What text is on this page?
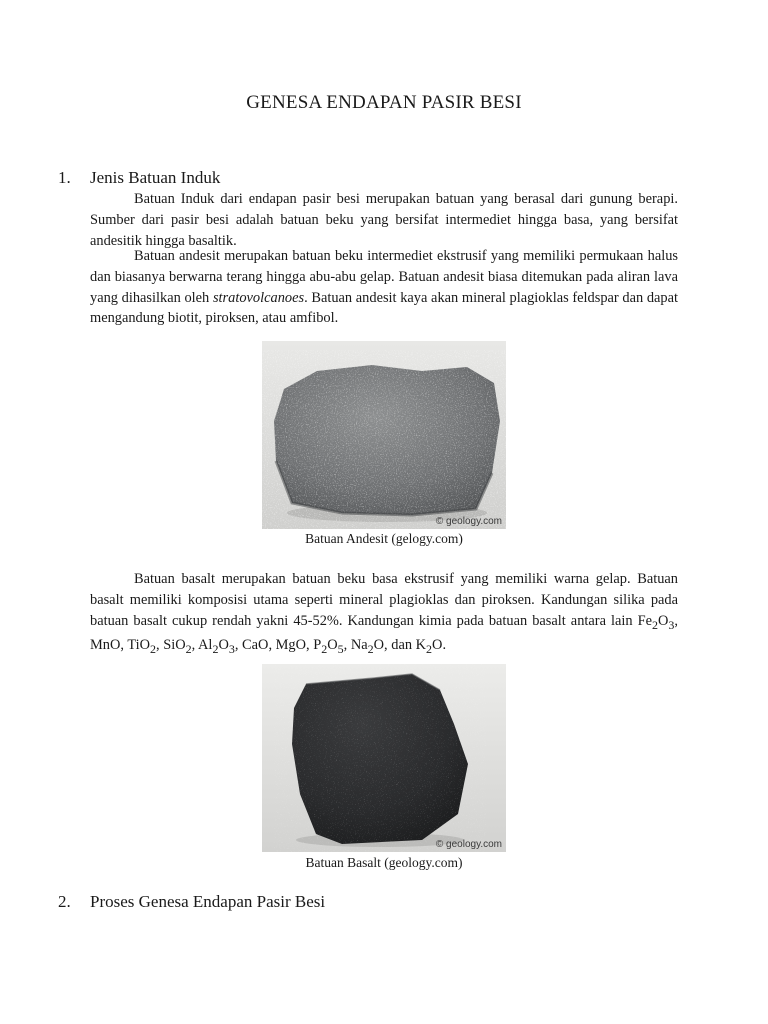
GENESA ENDAPAN PASIR BESI
1. Jenis Batuan Induk

Batuan Induk dari endapan pasir besi merupakan batuan yang berasal dari gunung berapi. Sumber dari pasir besi adalah batuan beku yang bersifat intermediet hingga basa, yang bersifat andesitik hingga basaltik.

Batuan andesit merupakan batuan beku intermediet ekstrusif yang memiliki permukaan halus dan biasanya berwarna terang hingga abu-abu gelap. Batuan andesit biasa ditemukan pada aliran lava yang dihasilkan oleh stratovolcanoes. Batuan andesit kaya akan mineral plagioklas feldspar dan dapat mengandung biotit, piroksen, atau amfibol.

© geology.com
Batuan Andesit (gelogy.com)

Batuan basalt merupakan batuan beku basa ekstrusif yang memiliki warna gelap. Batuan basalt memiliki komposisi utama seperti mineral plagioklas dan piroksen. Kandungan silika pada batuan basalt cukup rendah yakni 45-52%. Kandungan kimia pada batuan basalt antara lain $Fe_2O_3$, MnO, TiO$_2$, SiO$_2$, $Al_2O_3$, CaO, MgO, $P_2O_5$, $Na_2O$, dan $K_2O$.

© geology.com
Batuan Basalt (geology.com)
2. Proses Genesa Endapan Pasir Besi
